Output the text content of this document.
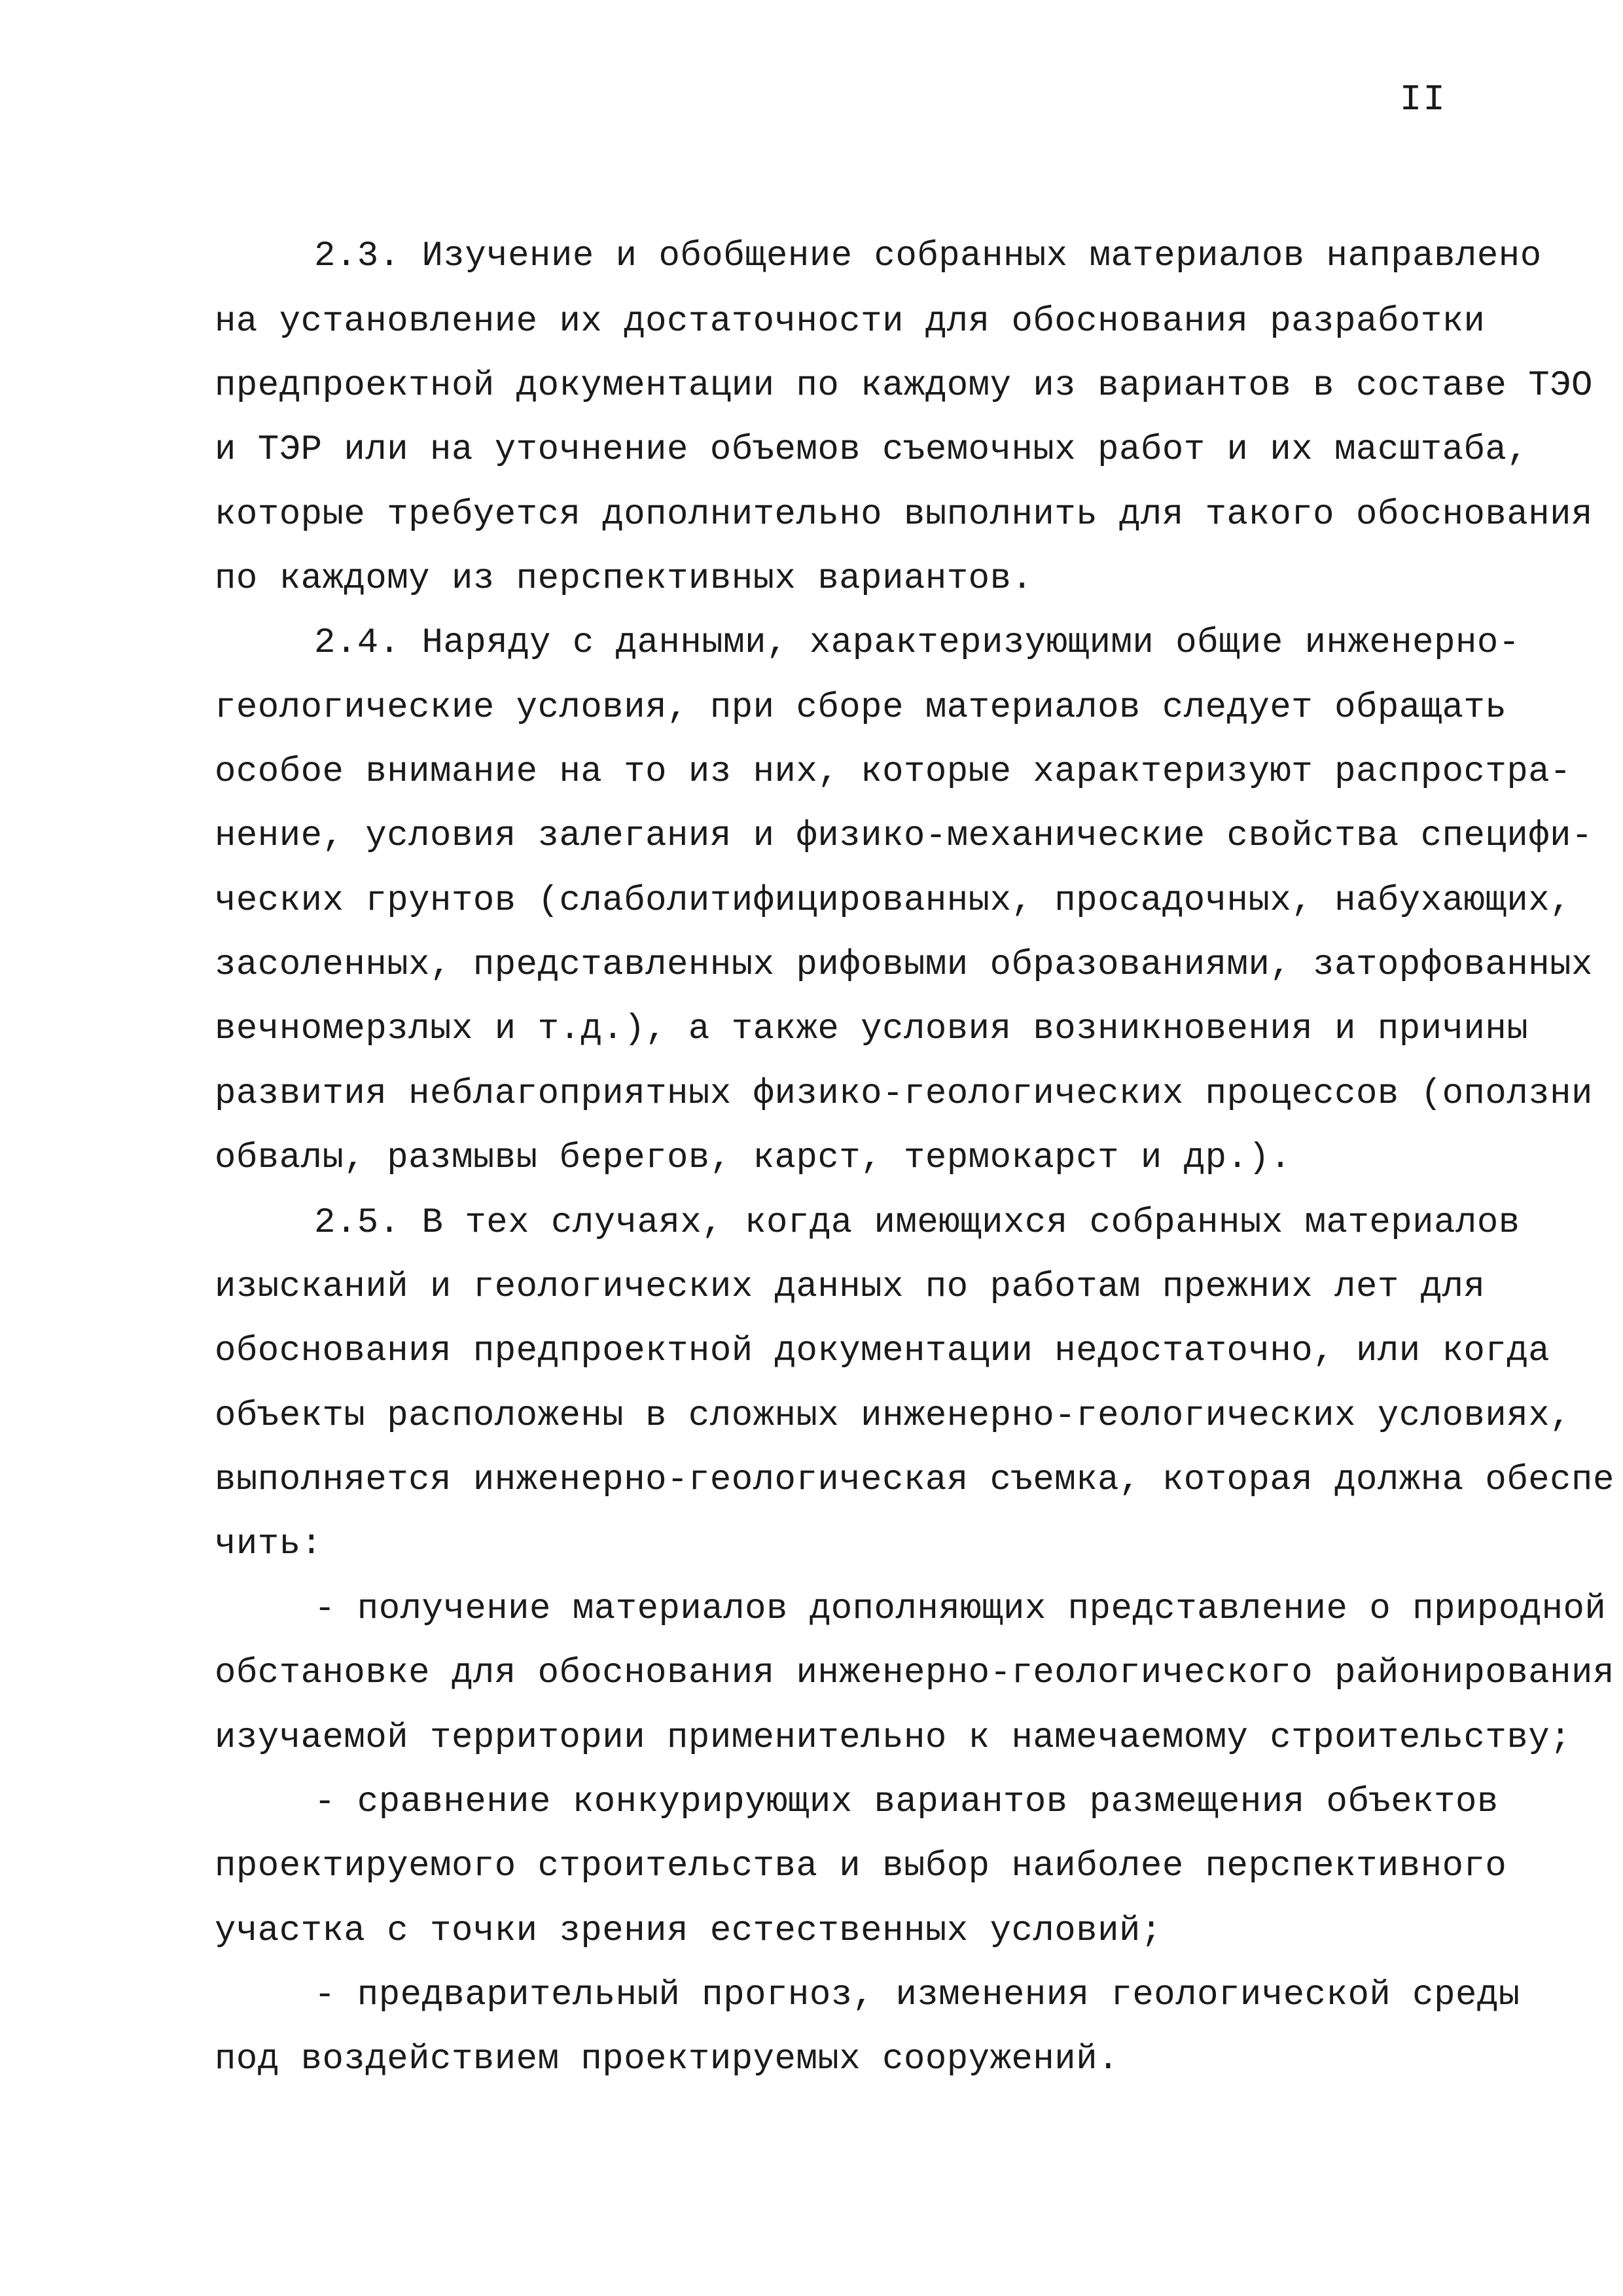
II
2.3. Изучение и обобщение собранных материалов направлено
на установление их достаточности для обоснования разработки
предпроектной документации по каждому из вариантов в составе ТЭО
и ТЭР или на уточнение объемов съемочных работ и их масштаба,
которые требуется дополнительно выполнить для такого обоснования
по каждому из перспективных вариантов.
2.4. Наряду с данными, характеризующими общие инженерно-
геологические условия, при сборе материалов следует обращать
особое внимание на то из них, которые характеризуют распростра-
нение, условия залегания и физико-механические свойства специфи-
ческих грунтов (слаболитифицированных, просадочных, набухающих,
засоленных, представленных рифовыми образованиями, заторфованных
вечномерзлых и т.д.), а также условия возникновения и причины
развития неблагоприятных физико-геологических процессов (оползни
обвалы, размывы берегов, карст, термокарст и др.).
2.5. В тех случаях, когда имеющихся собранных материалов
изысканий и геологических данных по работам прежних лет для
обоснования предпроектной документации недостаточно, или когда
объекты расположены в сложных инженерно-геологических условиях,
выполняется инженерно-геологическая съемка, которая должна обеспе
чить:
- получение материалов дополняющих представление о природной
обстановке для обоснования инженерно-геологического районирования
изучаемой территории применительно к намечаемому строительству;
- сравнение конкурирующих вариантов размещения объектов
проектируемого строительства и выбор наиболее перспективного
участка с точки зрения естественных условий;
- предварительный прогноз, изменения геологической среды
под воздействием проектируемых сооружений.
